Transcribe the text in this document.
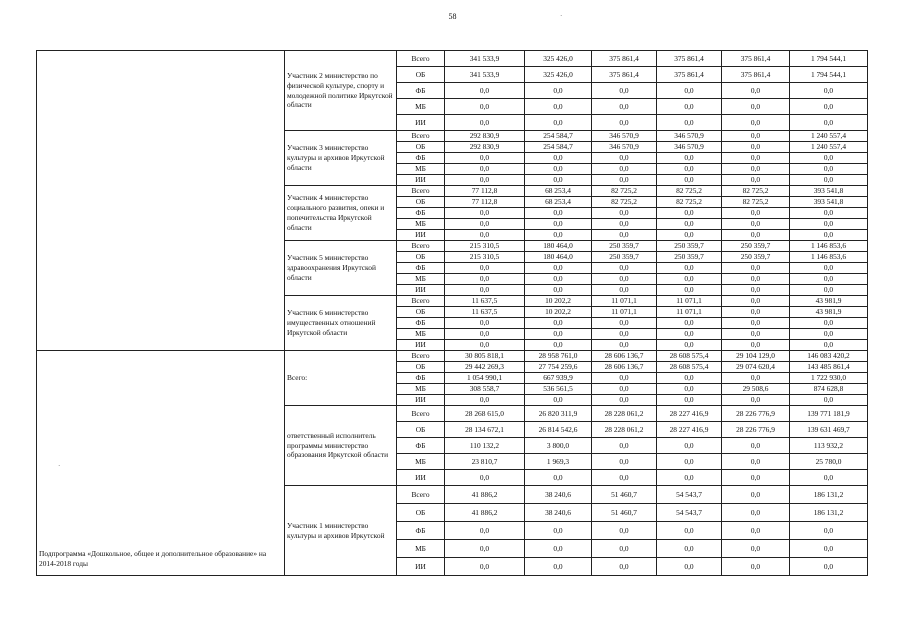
58
	Участник 2 министерство по физической культуре, спорту и молодежной политике Иркутской области	Всего	341 533,9	325 426,0	375 861,4	375 861,4	375 861,4	1 794 544,1
		ОБ	341 533,9	325 426,0	375 861,4	375 861,4	375 861,4	1 794 544,1
		ФБ	0,0	0,0	0,0	0,0	0,0	0,0
		МБ	0,0	0,0	0,0	0,0	0,0	0,0
		ИИ	0,0	0,0	0,0	0,0	0,0	0,0
	Участник 3 министерство культуры и архивов Иркутской области	Всего	292 830,9	254 584,7	346 570,9	346 570,9	0,0	1 240 557,4
		ОБ	292 830,9	254 584,7	346 570,9	346 570,9	0,0	1 240 557,4
		ФБ	0,0	0,0	0,0	0,0	0,0	0,0
		МБ	0,0	0,0	0,0	0,0	0,0	0,0
		ИИ	0,0	0,0	0,0	0,0	0,0	0,0
	Участник 4 министерство социального развития, опеки и попечительства Иркутской области	Всего	77 112,8	68 253,4	82 725,2	82 725,2	82 725,2	393 541,8
		ОБ	77 112,8	68 253,4	82 725,2	82 725,2	82 725,2	393 541,8
		ФБ	0,0	0,0	0,0	0,0	0,0	0,0
		МБ	0,0	0,0	0,0	0,0	0,0	0,0
		ИИ	0,0	0,0	0,0	0,0	0,0	0,0
	Участник 5 министерство здравоохранения Иркутской области	Всего	215 310,5	180 464,0	250 359,7	250 359,7	250 359,7	1 146 853,6
		ОБ	215 310,5	180 464,0	250 359,7	250 359,7	250 359,7	1 146 853,6
		ФБ	0,0	0,0	0,0	0,0	0,0	0,0
		МБ	0,0	0,0	0,0	0,0	0,0	0,0
		ИИ	0,0	0,0	0,0	0,0	0,0	0,0
	Участник 6 министерство имущественных отношений Иркутской области	Всего	11 637,5	10 202,2	11 071,1	11 071,1	0,0	43 981,9
		ОБ	11 637,5	10 202,2	11 071,1	11 071,1	0,0	43 981,9
		ФБ	0,0	0,0	0,0	0,0	0,0	0,0
		МБ	0,0	0,0	0,0	0,0	0,0	0,0
		ИИ	0,0	0,0	0,0	0,0	0,0	0,0
Подпрограмма «Дошкольное, общее и дополнительное образование» на 2014-2018 годы	Всего:	Всего	30 805 818,1	28 958 761,0	28 606 136,7	28 608 575,4	29 104 129,0	146 083 420,2
		ОБ	29 442 269,3	27 754 259,6	28 606 136,7	28 608 575,4	29 074 620,4	143 485 861,4
		ФБ	1 054 990,1	667 939,9	0,0	0,0	0,0	1 722 930,0
		МБ	308 558,7	536 561,5	0,0	0,0	29 508,6	874 628,8
		ИИ	0,0	0,0	0,0	0,0	0,0	0,0
	ответственный исполнитель программы министерство образования Иркутской области	Всего	28 268 615,0	26 820 311,9	28 228 061,2	28 227 416,9	28 226 776,9	139 771 181,9
		ОБ	28 134 672,1	26 814 542,6	28 228 061,2	28 227 416,9	28 226 776,9	139 631 469,7
		ФБ	110 132,2	3 800,0	0,0	0,0	0,0	113 932,2
		МБ	23 810,7	1 969,3	0,0	0,0	0,0	25 780,0
		ИИ	0,0	0,0	0,0	0,0	0,0	0,0
	Участник 1 министерство культуры и архивов Иркутской	Всего	41 886,2	38 240,6	51 460,7	54 543,7	0,0	186 131,2
		ОБ	41 886,2	38 240,6	51 460,7	54 543,7	0,0	186 131,2
		ФБ	0,0	0,0	0,0	0,0	0,0	0,0
		МБ	0,0	0,0	0,0	0,0	0,0	0,0
		ИИ	0,0	0,0	0,0	0,0	0,0	0,0
·
·
